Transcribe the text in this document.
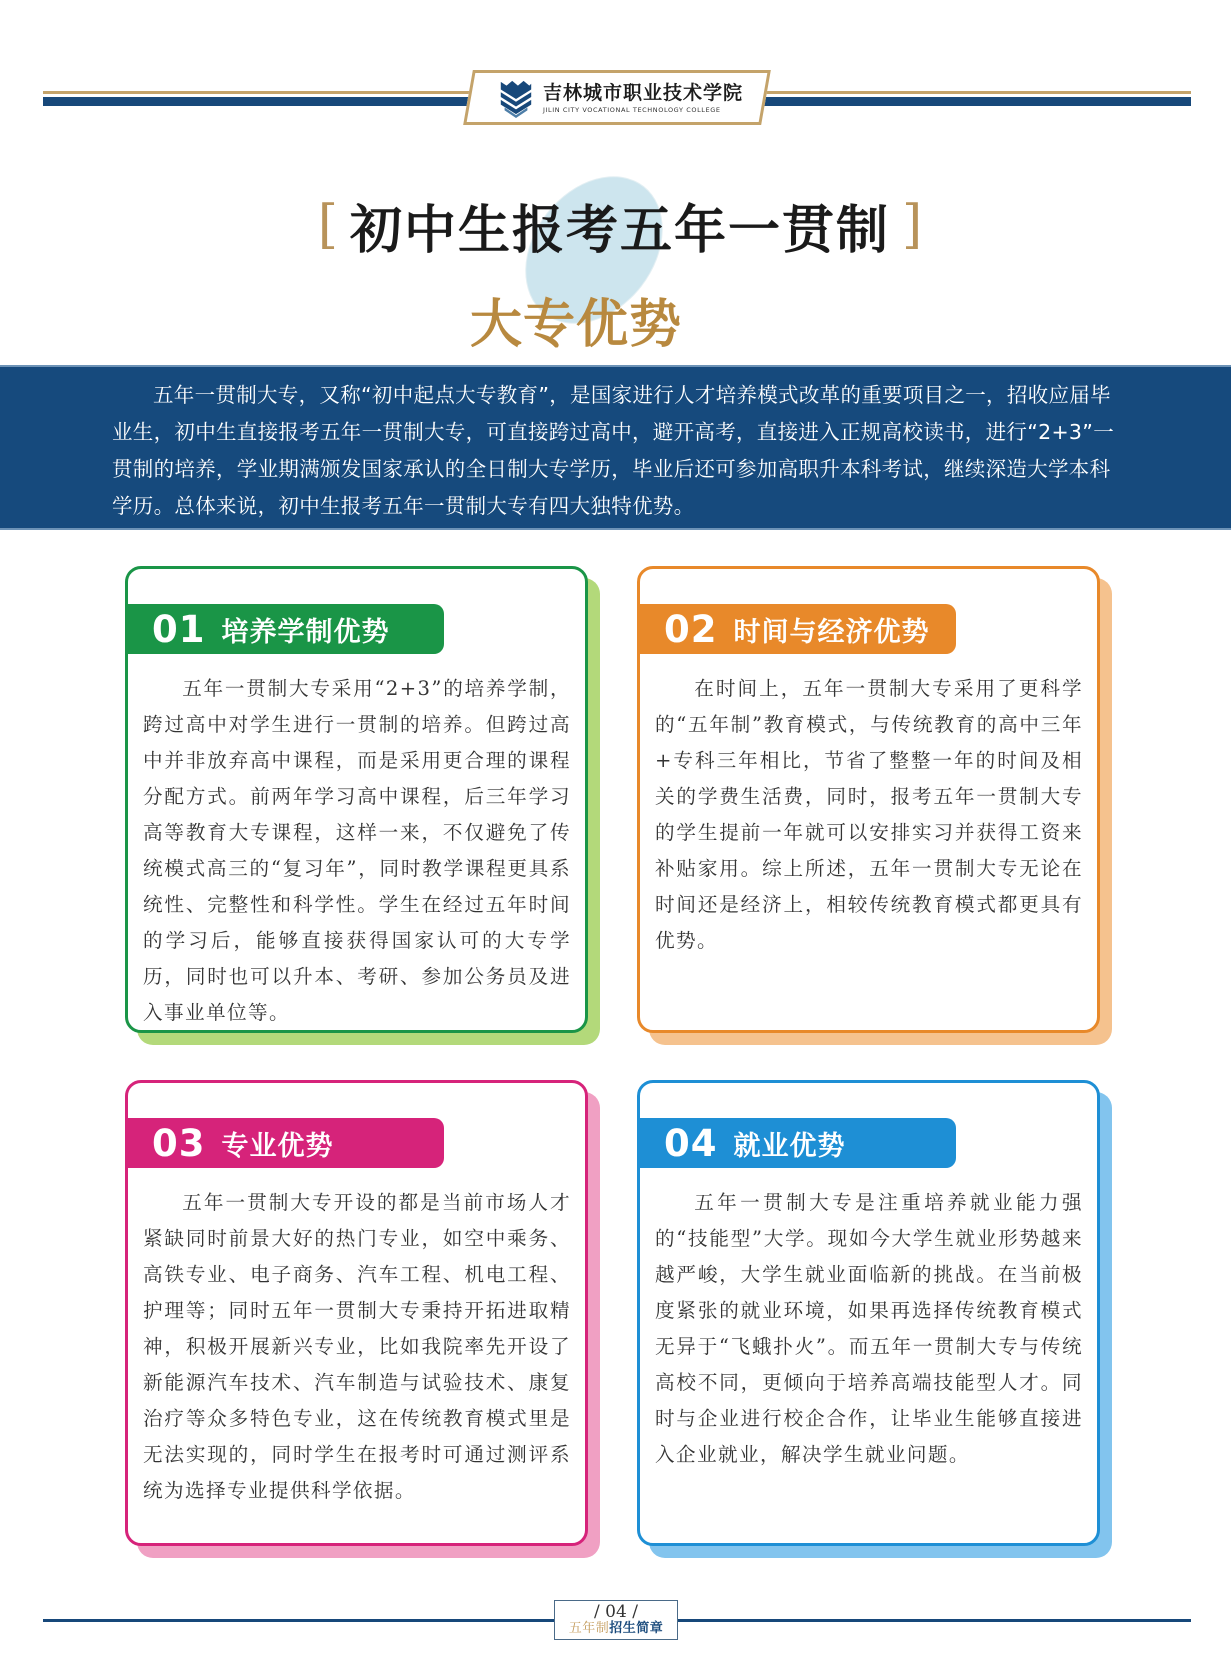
吉林城市职业技术学院
JILIN CITY VOCATIONAL TECHNOLOGY COLLEGE
[ 初中生报考五年一贯制 ]
大专优势

五年一贯制大专，又称“初中起点大专教育”，是国家进行人才培养模式改革的重要项目之一，招收应届毕业生，初中生直接报考五年一贯制大专，可直接跨过高中，避开高考，直接进入正规高校读书，进行“2+3”一贯制的培养，学业期满颁发国家承认的全日制大专学历，毕业后还可参加高职升本科考试，继续深造大学本科学历。总体来说，初中生报考五年一贯制大专有四大独特优势。

01 培养学制优势
五年一贯制大专采用“2+3”的培养学制，跨过高中对学生进行一贯制的培养。但跨过高中并非放弃高中课程，而是采用更合理的课程分配方式。前两年学习高中课程，后三年学习高等教育大专课程，这样一来，不仅避免了传统模式高三的“复习年”，同时教学课程更具系统性、完整性和科学性。学生在经过五年时间的学习后，能够直接获得国家认可的大专学历，同时也可以升本、考研、参加公务员及进入事业单位等。
02 时间与经济优势
在时间上，五年一贯制大专采用了更科学的“五年制”教育模式，与传统教育的高中三年+专科三年相比，节省了整整一年的时间及相关的学费生活费，同时，报考五年一贯制大专的学生提前一年就可以安排实习并获得工资来补贴家用。综上所述，五年一贯制大专无论在时间还是经济上，相较传统教育模式都更具有优势。
03 专业优势
五年一贯制大专开设的都是当前市场人才紧缺同时前景大好的热门专业，如空中乘务、高铁专业、电子商务、汽车工程、机电工程、护理等；同时五年一贯制大专秉持开拓进取精神，积极开展新兴专业，比如我院率先开设了新能源汽车技术、汽车制造与试验技术、康复治疗等众多特色专业，这在传统教育模式里是无法实现的，同时学生在报考时可通过测评系统为选择专业提供科学依据。
04 就业优势
五年一贯制大专是注重培养就业能力强的“技能型”大学。现如今大学生就业形势越来越严峻，大学生就业面临新的挑战。在当前极度紧张的就业环境，如果再选择传统教育模式无异于“飞蛾扑火”。而五年一贯制大专与传统高校不同，更倾向于培养高端技能型人才。同时与企业进行校企合作，让毕业生能够直接进入企业就业，解决学生就业问题。
/ 04 /
五年制招生简章
